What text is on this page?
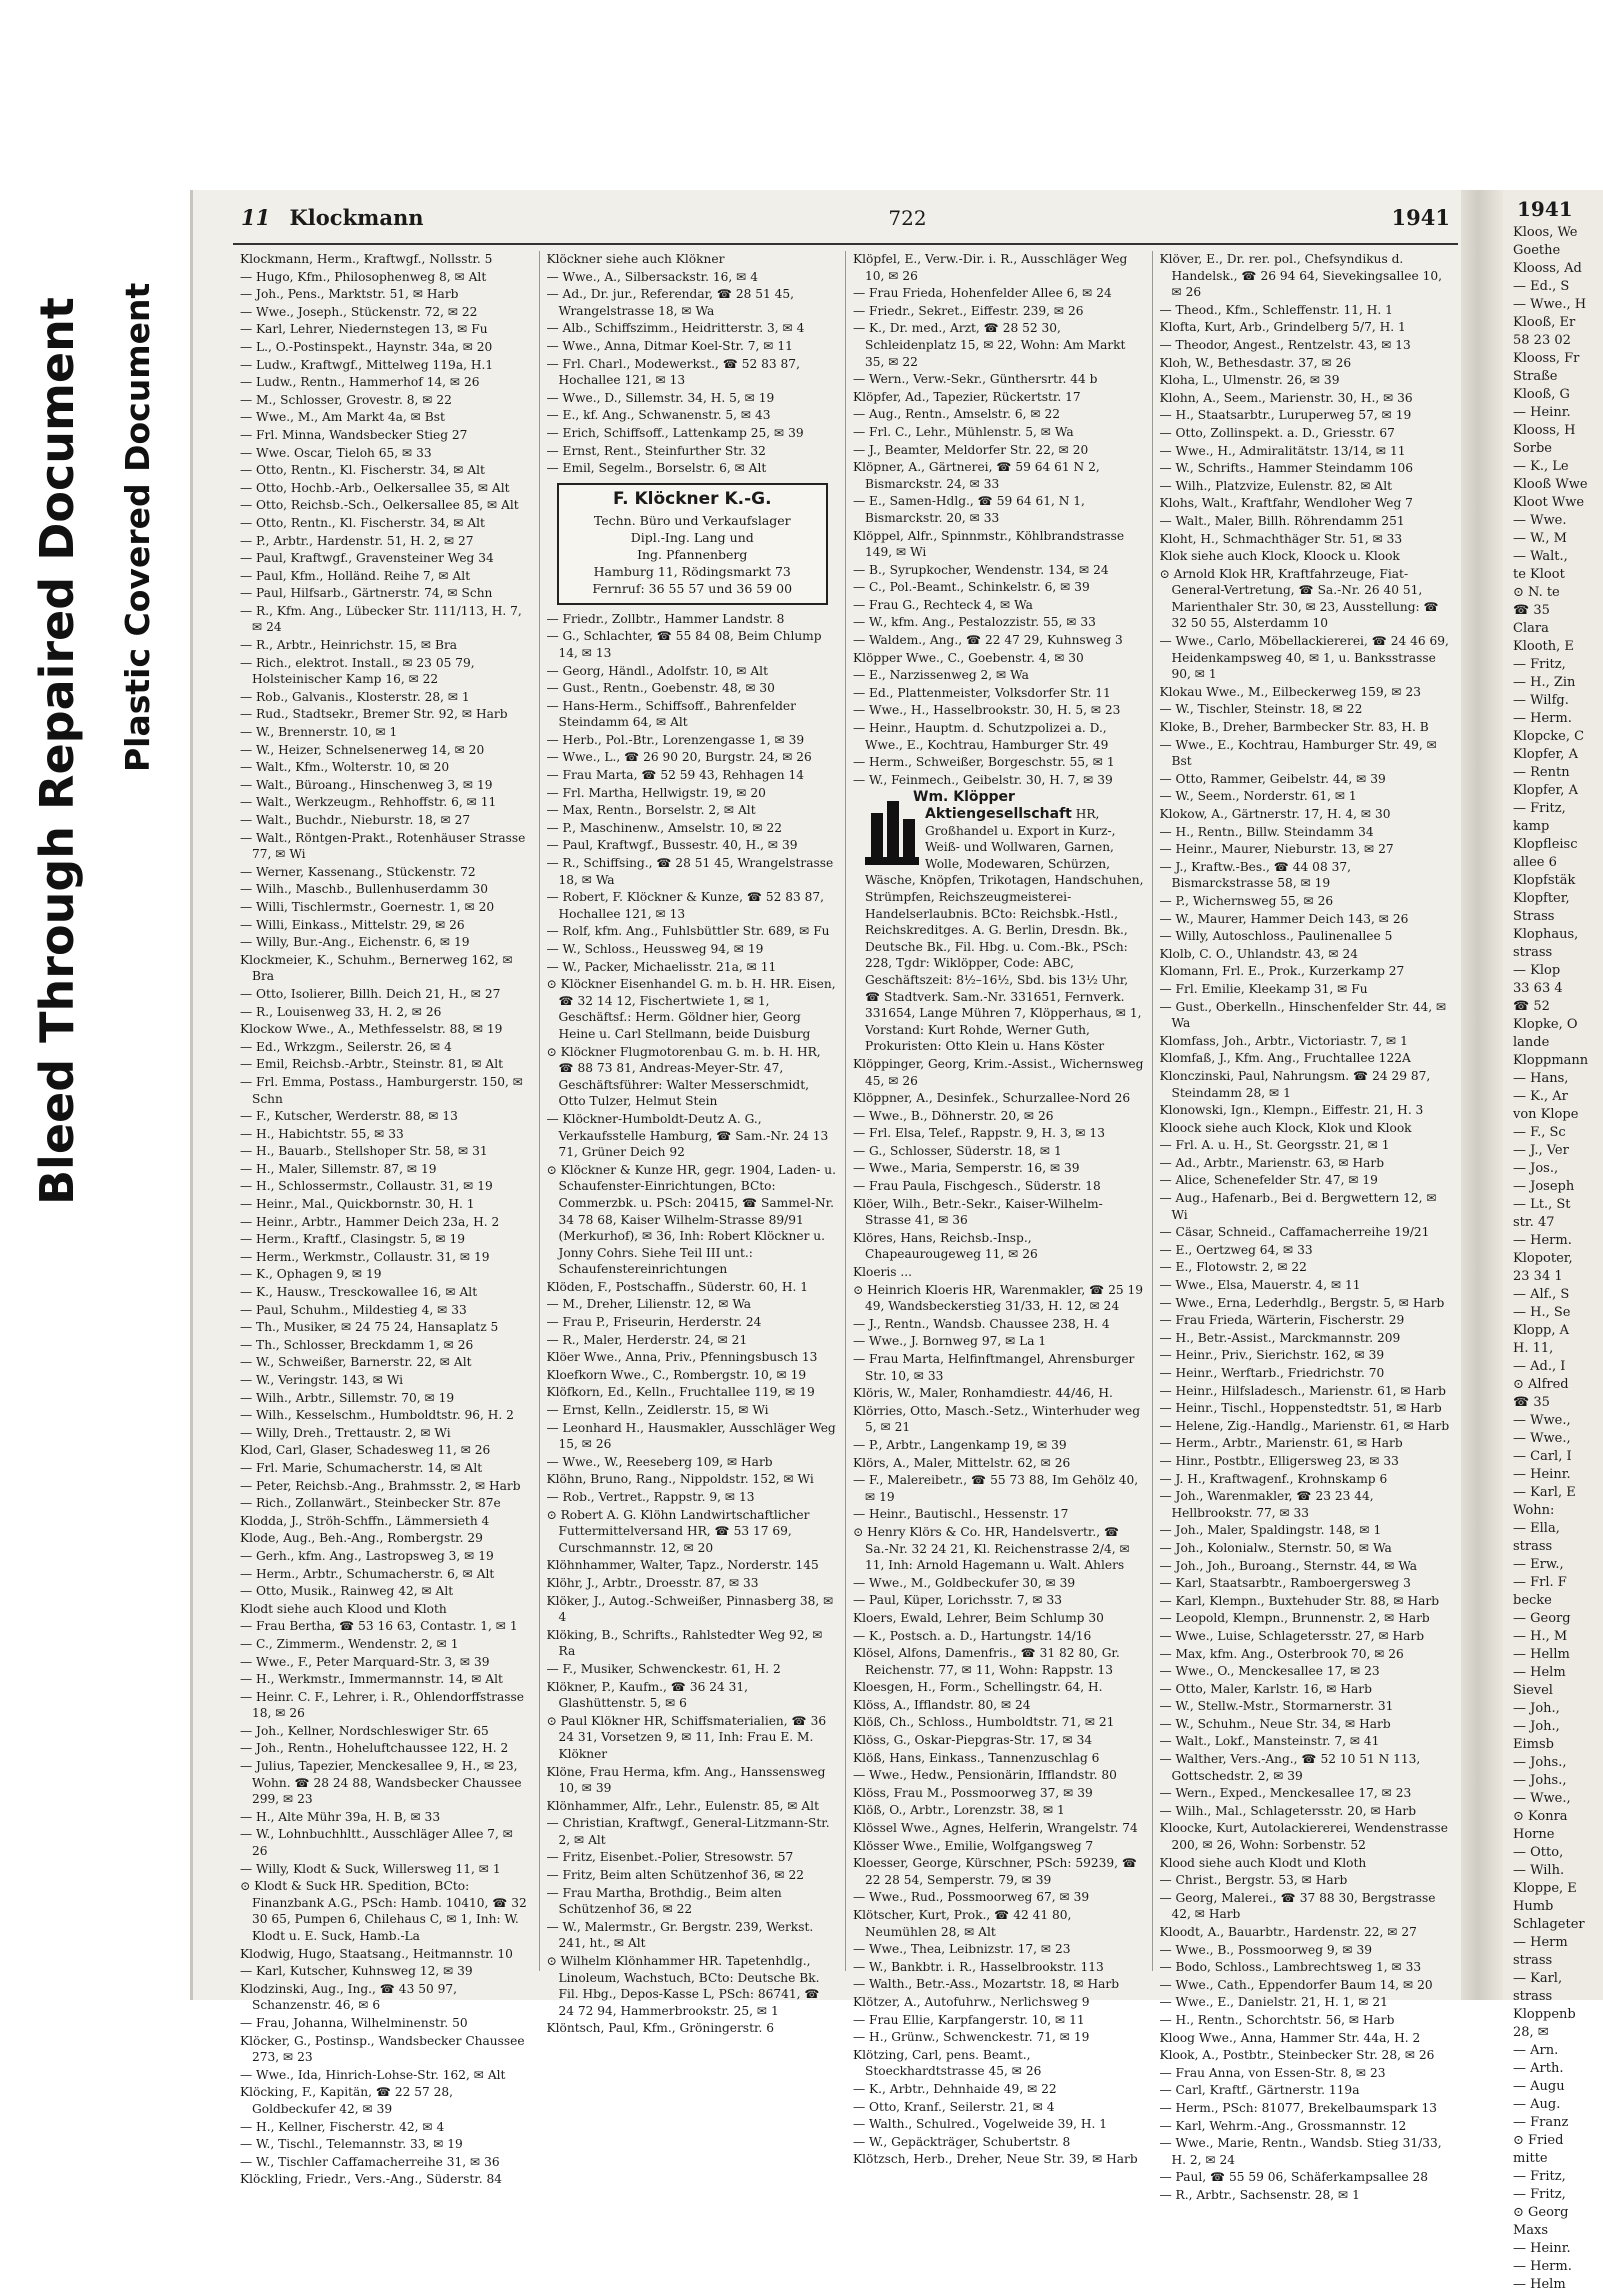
Bleed Through Repaired Document Plastic Covered Document
11 Klockmann	722	1941
Klockmann, Herm., Kraftwgf., Nollsstr. 5
— Hugo, Kfm., Philosophenweg 8, ✉ Alt
— Joh., Pens., Marktstr. 51, ✉ Harb
— Wwe., Joseph., Stückenstr. 72, ✉ 22
— Karl, Lehrer, Niedernstegen 13, ✉ Fu
— L., O.-Postinspekt., Haynstr. 34a, ✉ 20
— Ludw., Kraftwgf., Mittelweg 119a, H.1
— Ludw., Rentn., Hammerhof 14, ✉ 26
— M., Schlosser, Grovestr. 8, ✉ 22
— Wwe., M., Am Markt 4a, ✉ Bst
— Frl. Minna, Wandsbecker Stieg 27
— Wwe. Oscar, Tieloh 65, ✉ 33
— Otto, Rentn., Kl. Fischerstr. 34, ✉ Alt
— Otto, Hochb.-Arb., Oelkersallee 35, ✉ Alt
— Otto, Reichsb.-Sch., Oelkersallee 85, ✉ Alt
— Otto, Rentn., Kl. Fischerstr. 34, ✉ Alt
— P., Arbtr., Hardenstr. 51, H. 2, ✉ 27
— Paul, Kraftwgf., Gravensteiner Weg 34
— Paul, Kfm., Holländ. Reihe 7, ✉ Alt
— Paul, Hilfsarb., Gärtnerstr. 74, ✉ Schn
— R., Kfm. Ang., Lübecker Str. 111/113, H. 7, ✉ 24
— R., Arbtr., Heinrichstr. 15, ✉ Bra
— Rich., elektrot. Install., ✉ 23 05 79, Holsteinischer Kamp 16, ✉ 22
— Rob., Galvanis., Klosterstr. 28, ✉ 1
— Rud., Stadtsekr., Bremer Str. 92, ✉ Harb
— W., Brennerstr. 10, ✉ 1
— W., Heizer, Schnelsenerweg 14, ✉ 20
— Walt., Kfm., Wolterstr. 10, ✉ 20
— Walt., Büroang., Hinschenweg 3, ✉ 19
— Walt., Werkzeugm., Rehhoffstr. 6, ✉ 11
— Walt., Buchdr., Nieburstr. 18, ✉ 27
— Walt., Röntgen-Prakt., Rotenhäuser Strasse 77, ✉ Wi
— Werner, Kassenang., Stückenstr. 72
— Wilh., Maschb., Bullenhuserdamm 30
— Willi, Tischlermstr., Goernestr. 1, ✉ 20
— Willi, Einkass., Mittelstr. 29, ✉ 26
— Willy, Bur.-Ang., Eichenstr. 6, ✉ 19
Klockmeier, K., Schuhm., Bernerweg 162, ✉ Bra
— Otto, Isolierer, Billh. Deich 21, H., ✉ 27
— R., Louisenweg 33, H. 2, ✉ 26
Klockow Wwe., A., Methfesselstr. 88, ✉ 19
— Ed., Wrkzgm., Seilerstr. 26, ✉ 4
— Emil, Reichsb.-Arbtr., Steinstr. 81, ✉ Alt
— Frl. Emma, Postass., Hamburgerstr. 150, ✉ Schn
— F., Kutscher, Werderstr. 88, ✉ 13
— H., Habichtstr. 55, ✉ 33
— H., Bauarb., Stellshoper Str. 58, ✉ 31
— H., Maler, Sillemstr. 87, ✉ 19
— H., Schlossermstr., Collaustr. 31, ✉ 19
— Heinr., Mal., Quickbornstr. 30, H. 1
— Heinr., Arbtr., Hammer Deich 23a, H. 2
— Herm., Kraftf., Clasingstr. 5, ✉ 19
— Herm., Werkmstr., Collaustr. 31, ✉ 19
— K., Ophagen 9, ✉ 19
— K., Hausw., Tresckowallee 16, ✉ Alt
— Paul, Schuhm., Mildestieg 4, ✉ 33
— Th., Musiker, ✉ 24 75 24, Hansaplatz 5
— Th., Schlosser, Breckdamm 1, ✉ 26
— W., Schweißer, Barnerstr. 22, ✉ Alt
— W., Veringstr. 143, ✉ Wi
— Wilh., Arbtr., Sillemstr. 70, ✉ 19
— Wilh., Kesselschm., Humboldtstr. 96, H. 2
— Willy, Dreh., Trettaustr. 2, ✉ Wi
Klod, Carl, Glaser, Schadesweg 11, ✉ 26
— Frl. Marie, Schumacherstr. 14, ✉ Alt
— Peter, Reichsb.-Ang., Brahmsstr. 2, ✉ Harb
— Rich., Zollanwärt., Steinbecker Str. 87e
Klodda, J., Ströh-Schffn., Lämmersieth 4
Klode, Aug., Beh.-Ang., Rombergstr. 29
— Gerh., kfm. Ang., Lastropsweg 3, ✉ 19
— Herm., Arbtr., Schumacherstr. 6, ✉ Alt
— Otto, Musik., Rainweg 42, ✉ Alt
Klodt siehe auch Klood und Kloth
— Frau Bertha, ☎ 53 16 63, Contastr. 1, ✉ 1
— C., Zimmerm., Wendenstr. 2, ✉ 1
— Wwe., F., Peter Marquard-Str. 3, ✉ 39
— H., Werkmstr., Immermannstr. 14, ✉ Alt
— Heinr. C. F., Lehrer, i. R., Ohlendorffstrasse 18, ✉ 26
— Joh., Kellner, Nordschleswiger Str. 65
— Joh., Rentn., Hoheluftchaussee 122, H. 2
— Julius, Tapezier, Menckesallee 9, H., ✉ 23, Wohn. ☎ 28 24 88, Wandsbecker Chaussee 299, ✉ 23
— H., Alte Mühr 39a, H. B, ✉ 33
— W., Lohnbuchhltt., Ausschläger Allee 7, ✉ 26
— Willy, Klodt & Suck, Willersweg 11, ✉ 1
⊙ Klodt & Suck HR. Spedition, BCto: Finanzbank A.G., PSch: Hamb. 10410, ☎ 32 30 65, Pumpen 6, Chilehaus C, ✉ 1, Inh: W. Klodt u. E. Suck, Hamb.-La
Klodwig, Hugo, Staatsang., Heitmannstr. 10
— Karl, Kutscher, Kuhnsweg 12, ✉ 39
Klodzinski, Aug., Ing., ☎ 43 50 97, Schanzenstr. 46, ✉ 6
— Frau, Johanna, Wilhelminenstr. 50
Klöcker, G., Postinsp., Wandsbecker Chaussee 273, ✉ 23
— Wwe., Ida, Hinrich-Lohse-Str. 162, ✉ Alt
Klöcking, F., Kapitän, ☎ 22 57 28, Goldbeckufer 42, ✉ 39
— H., Kellner, Fischerstr. 42, ✉ 4
— W., Tischl., Telemannstr. 33, ✉ 19
— W., Tischler Caffamacherreihe 31, ✉ 36
Klöckling, Friedr., Vers.-Ang., Süderstr. 84
Klöckner siehe auch Klökner
— Wwe., A., Silbersackstr. 16, ✉ 4
— Ad., Dr. jur., Referendar, ☎ 28 51 45, Wrangelstrasse 18, ✉ Wa
— Alb., Schiffszimm., Heidritterstr. 3, ✉ 4
— Wwe., Anna, Ditmar Koel-Str. 7, ✉ 11
— Frl. Charl., Modewerkst., ☎ 52 83 87, Hochallee 121, ✉ 13
— Wwe., D., Sillemstr. 34, H. 5, ✉ 19
— E., kf. Ang., Schwanenstr. 5, ✉ 43
— Erich, Schiffsoff., Lattenkamp 25, ✉ 39
— Ernst, Rent., Steinfurther Str. 32
— Emil, Segelm., Borselstr. 6, ✉ Alt
F. Klöckner K.-G.
Techn. Büro und Verkaufslager
Dipl.-Ing. Lang und
Ing. Pfannenberg
Hamburg 11, Rödingsmarkt 73
Fernruf: 36 55 57 und 36 59 00
— Friedr., Zollbtr., Hammer Landstr. 8
— G., Schlachter, ☎ 55 84 08, Beim Chlump 14, ✉ 13
— Georg, Händl., Adolfstr. 10, ✉ Alt
— Gust., Rentn., Goebenstr. 48, ✉ 30
— Hans-Herm., Schiffsoff., Bahrenfelder Steindamm 64, ✉ Alt
— Herb., Pol.-Btr., Lorenzengasse 1, ✉ 39
— Wwe., L., ☎ 26 90 20, Burgstr. 24, ✉ 26
— Frau Marta, ☎ 52 59 43, Rehhagen 14
— Frl. Martha, Hellwigstr. 19, ✉ 20
— Max, Rentn., Borselstr. 2, ✉ Alt
— P., Maschinenw., Amselstr. 10, ✉ 22
— Paul, Kraftwgf., Bussestr. 40, H., ✉ 39
— R., Schiffsing., ☎ 28 51 45, Wrangelstrasse 18, ✉ Wa
— Robert, F. Klöckner & Kunze, ☎ 52 83 87, Hochallee 121, ✉ 13
— Rolf, kfm. Ang., Fuhlsbüttler Str. 689, ✉ Fu
— W., Schloss., Heussweg 94, ✉ 19
— W., Packer, Michaelisstr. 21a, ✉ 11
⊙ Klöckner Eisenhandel G. m. b. H. HR. Eisen, ☎ 32 14 12, Fischertwiete 1, ✉ 1, Geschäftsf.: Herm. Göldner hier, Georg Heine u. Carl Stellmann, beide Duisburg
⊙ Klöckner Flugmotorenbau G. m. b. H. HR, ☎ 88 73 81, Andreas-Meyer-Str. 47, Geschäftsführer: Walter Messerschmidt, Otto Tulzer, Helmut Stein
— Klöckner-Humboldt-Deutz A. G., Verkaufsstelle Hamburg, ☎ Sam.-Nr. 24 13 71, Grüner Deich 92
⊙ Klöckner & Kunze HR, gegr. 1904, Laden- u. Schaufenster-Einrichtungen, BCto: Commerzbk. u. PSch: 20415, ☎ Sammel-Nr. 34 78 68, Kaiser Wilhelm-Strasse 89/91 (Merkurhof), ✉ 36, Inh: Robert Klöckner u. Jonny Cohrs. Siehe Teil III unt.: Schaufenstereinrichtungen
Klöden, F., Postschaffn., Süderstr. 60, H. 1
— M., Dreher, Lilienstr. 12, ✉ Wa
— Frau P., Friseurin, Herderstr. 24
— R., Maler, Herderstr. 24, ✉ 21
Klöer Wwe., Anna, Priv., Pfenningsbusch 13
Kloefkorn Wwe., C., Rombergstr. 10, ✉ 19
Klöfkorn, Ed., Kelln., Fruchtallee 119, ✉ 19
— Ernst, Kelln., Zeidlerstr. 15, ✉ Wi
— Leonhard H., Hausmakler, Ausschläger Weg 15, ✉ 26
— Wwe., W., Reeseberg 109, ✉ Harb
Klöhn, Bruno, Rang., Nippoldstr. 152, ✉ Wi
— Rob., Vertret., Rappstr. 9, ✉ 13
⊙ Robert A. G. Klöhn Landwirtschaftlicher Futtermittelversand HR, ☎ 53 17 69, Curschmannstr. 12, ✉ 20
Klöhnhammer, Walter, Tapz., Norderstr. 145
Klöhr, J., Arbtr., Droesstr. 87, ✉ 33
Klöker, J., Autog.-Schweißer, Pinnasberg 38, ✉ 4
Klöking, B., Schrifts., Rahlstedter Weg 92, ✉ Ra
— F., Musiker, Schwenckestr. 61, H. 2
Klökner, P., Kaufm., ☎ 36 24 31, Glashüttenstr. 5, ✉ 6
⊙ Paul Klökner HR, Schiffsmaterialien, ☎ 36 24 31, Vorsetzen 9, ✉ 11, Inh: Frau E. M. Klökner
Klöne, Frau Herma, kfm. Ang., Hanssensweg 10, ✉ 39
Klönhammer, Alfr., Lehr., Eulenstr. 85, ✉ Alt
— Christian, Kraftwgf., General-Litzmann-Str. 2, ✉ Alt
— Fritz, Eisenbet.-Polier, Stresowstr. 57
— Fritz, Beim alten Schützenhof 36, ✉ 22
— Frau Martha, Brothdig., Beim alten Schützenhof 36, ✉ 22
— W., Malermstr., Gr. Bergstr. 239, Werkst. 241, ht., ✉ Alt
⊙ Wilhelm Klönhammer HR. Tapetenhdlg., Linoleum, Wachstuch, BCto: Deutsche Bk. Fil. Hbg., Depos-Kasse L, PSch: 86741, ☎ 24 72 94, Hammerbrookstr. 25, ✉ 1
Klöntsch, Paul, Kfm., Gröningerstr. 6
Klöpfel, E., Verw.-Dir. i. R., Ausschläger Weg 10, ✉ 26
— Frau Frieda, Hohenfelder Allee 6, ✉ 24
— Friedr., Sekret., Eiffestr. 239, ✉ 26
— K., Dr. med., Arzt, ☎ 28 52 30, Schleidenplatz 15, ✉ 22, Wohn: Am Markt 35, ✉ 22
— Wern., Verw.-Sekr., Günthersrtr. 44 b
Klöpfer, Ad., Tapezier, Rückertstr. 17
— Aug., Rentn., Amselstr. 6, ✉ 22
— Frl. C., Lehr., Mühlenstr. 5, ✉ Wa
— J., Beamter, Meldorfer Str. 22, ✉ 20
Klöpner, A., Gärtnerei, ☎ 59 64 61 N 2, Bismarckstr. 24, ✉ 33
— E., Samen-Hdlg., ☎ 59 64 61, N 1, Bismarckstr. 20, ✉ 33
Klöppel, Alfr., Spinnmstr., Köhlbrandstrasse 149, ✉ Wi
— B., Syrupkocher, Wendenstr. 134, ✉ 24
— C., Pol.-Beamt., Schinkelstr. 6, ✉ 39
— Frau G., Rechteck 4, ✉ Wa
— W., kfm. Ang., Pestalozzistr. 55, ✉ 33
— Waldem., Ang., ☎ 22 47 29, Kuhnsweg 3
Klöpper Wwe., C., Goebenstr. 4, ✉ 30
— E., Narzissenweg 2, ✉ Wa
— Ed., Plattenmeister, Volksdorfer Str. 11
— Wwe., H., Hasselbrookstr. 30, H. 5, ✉ 23
— Heinr., Hauptm. d. Schutzpolizei a. D., Wwe., E., Kochtrau, Hamburger Str. 49
— Herm., Schweißer, Borgeschstr. 55, ✉ 1
— W., Feinmech., Geibelstr. 30, H. 7, ✉ 39
Wm. Klöpper Aktiengesellschaft HR, Großhandel u. Export in Kurz-, Weiß- und Wollwaren, Garnen, Wolle, Modewaren, Schürzen, Wäsche, Knöpfen, Trikotagen, Handschuhen, Strümpfen, Reichszeugmeisterei-Handelserlaubnis. BCto: Reichsbk.-Hstl., Reichskreditges. A. G. Berlin, Dresdn. Bk., Deutsche Bk., Fil. Hbg. u. Com.-Bk., PSch: 228, Tgdr: Wiklöpper, Code: ABC, Geschäftszeit: 8½–16½, Sbd. bis 13½ Uhr, ☎ Stadtverk. Sam.-Nr. 331651, Fernverk. 331654, Lange Mühren 7, Klöpperhaus, ✉ 1, Vorstand: Kurt Rohde, Werner Guth, Prokuristen: Otto Klein u. Hans Köster
Klöppinger, Georg, Krim.-Assist., Wichernsweg 45, ✉ 26
Klöppner, A., Desinfek., Schurzallee-Nord 26
— Wwe., B., Döhnerstr. 20, ✉ 26
— Frl. Elsa, Telef., Rappstr. 9, H. 3, ✉ 13
— G., Schlosser, Süderstr. 18, ✉ 1
— Wwe., Maria, Semperstr. 16, ✉ 39
— Frau Paula, Fischgesch., Süderstr. 18
Klöer, Wilh., Betr.-Sekr., Kaiser-Wilhelm-Strasse 41, ✉ 36
Klöres, Hans, Reichsb.-Insp., Chapeaurougeweg 11, ✉ 26
Kloeris ...
⊙ Heinrich Kloeris HR, Warenmakler, ☎ 25 19 49, Wandsbeckerstieg 31/33, H. 12, ✉ 24
— J., Rentn., Wandsb. Chaussee 238, H. 4
— Wwe., J. Bornweg 97, ✉ La 1
— Frau Marta, Helfinftmangel, Ahrensburger Str. 10, ✉ 33
Klöris, W., Maler, Ronhamdiestr. 44/46, H.
Klörries, Otto, Masch.-Setz., Winterhuder weg 5, ✉ 21
— P., Arbtr., Langenkamp 19, ✉ 39
Klörs, A., Maler, Mittelstr. 62, ✉ 26
— F., Malereibetr., ☎ 55 73 88, Im Gehölz 40, ✉ 19
— Heinr., Bautischl., Hessenstr. 17
⊙ Henry Klörs & Co. HR, Handelsvertr., ☎ Sa.-Nr. 32 24 21, Kl. Reichenstrasse 2/4, ✉ 11, Inh: Arnold Hagemann u. Walt. Ahlers
— Wwe., M., Goldbeckufer 30, ✉ 39
— Paul, Küper, Lorichsstr. 7, ✉ 33
Kloers, Ewald, Lehrer, Beim Schlump 30
— K., Postsch. a. D., Hartungstr. 14/16
Klösel, Alfons, Damenfris., ☎ 31 82 80, Gr. Reichenstr. 77, ✉ 11, Wohn: Rappstr. 13
Kloesgen, H., Form., Schellingstr. 64, H.
Klöss, A., Ifflandstr. 80, ✉ 24
Klöß, Ch., Schloss., Humboldtstr. 71, ✉ 21
Klöss, G., Oskar-Piepgras-Str. 17, ✉ 34
Klöß, Hans, Einkass., Tannenzuschlag 6
— Wwe., Hedw., Pensionärin, Ifflandstr. 80
Klöss, Frau M., Possmoorweg 37, ✉ 39
Klöß, O., Arbtr., Lorenzstr. 38, ✉ 1
Klössel Wwe., Agnes, Helferin, Wrangelstr. 74
Klösser Wwe., Emilie, Wolfgangsweg 7
Kloesser, George, Kürschner, PSch: 59239, ☎ 22 28 54, Semperstr. 79, ✉ 39
— Wwe., Rud., Possmoorweg 67, ✉ 39
Klötscher, Kurt, Prok., ☎ 42 41 80, Neumühlen 28, ✉ Alt
— Wwe., Thea, Leibnizstr. 17, ✉ 23
— W., Bankbtr. i. R., Hasselbrookstr. 113
— Walth., Betr.-Ass., Mozartstr. 18, ✉ Harb
Klötzer, A., Autofuhrw., Nerlichsweg 9
— Frau Ellie, Karpfangerstr. 10, ✉ 11
— H., Grünw., Schwenckestr. 71, ✉ 19
Klötzing, Carl, pens. Beamt., Stoeckhardtstrasse 45, ✉ 26
— K., Arbtr., Dehnhaide 49, ✉ 22
— Otto, Kranf., Seilerstr. 21, ✉ 4
— Walth., Schulred., Vogelweide 39, H. 1
— W., Gepäckträger, Schubertstr. 8
Klötzsch, Herb., Dreher, Neue Str. 39, ✉ Harb
Klöver, E., Dr. rer. pol., Chefsyndikus d. Handelsk., ☎ 26 94 64, Sievekingsallee 10, ✉ 26
— Theod., Kfm., Schleffenstr. 11, H. 1
Klofta, Kurt, Arb., Grindelberg 5/7, H. 1
— Theodor, Angest., Rentzelstr. 43, ✉ 13
Kloh, W., Bethesdastr. 37, ✉ 26
Kloha, L., Ulmenstr. 26, ✉ 39
Klohn, A., Seem., Marienstr. 30, H., ✉ 36
— H., Staatsarbtr., Luruperweg 57, ✉ 19
— Otto, Zollinspekt. a. D., Griesstr. 67
— Wwe., H., Admiralitätstr. 13/14, ✉ 11
— W., Schrifts., Hammer Steindamm 106
— Wilh., Platzvize, Eulenstr. 82, ✉ Alt
Klohs, Walt., Kraftfahr, Wendloher Weg 7
— Walt., Maler, Billh. Röhrendamm 251
Kloht, H., Schmachthäger Str. 51, ✉ 33
Klok siehe auch Klock, Kloock u. Klook
⊙ Arnold Klok HR, Kraftfahrzeuge, Fiat-General-Vertretung, ☎ Sa.-Nr. 26 40 51, Marienthaler Str. 30, ✉ 23, Ausstellung: ☎ 32 50 55, Alsterdamm 10
— Wwe., Carlo, Möbellackiererei, ☎ 24 46 69, Heidenkampsweg 40, ✉ 1, u. Banksstrasse 90, ✉ 1
Klokau Wwe., M., Eilbeckerweg 159, ✉ 23
— W., Tischler, Steinstr. 18, ✉ 22
Kloke, B., Dreher, Barmbecker Str. 83, H. B
— Wwe., E., Kochtrau, Hamburger Str. 49, ✉ Bst
— Otto, Rammer, Geibelstr. 44, ✉ 39
— W., Seem., Norderstr. 61, ✉ 1
Klokow, A., Gärtnerstr. 17, H. 4, ✉ 30
— H., Rentn., Billw. Steindamm 34
— Heinr., Maurer, Nieburstr. 13, ✉ 27
— J., Kraftw.-Bes., ☎ 44 08 37, Bismarckstrasse 58, ✉ 19
— P., Wichernsweg 55, ✉ 26
— W., Maurer, Hammer Deich 143, ✉ 26
— Willy, Autoschloss., Paulinenallee 5
Klolb, C. O., Uhlandstr. 43, ✉ 24
Klomann, Frl. E., Prok., Kurzerkamp 27
— Frl. Emilie, Kleekamp 31, ✉ Fu
— Gust., Oberkelln., Hinschenfelder Str. 44, ✉ Wa
Klomfass, Joh., Arbtr., Victoriastr. 7, ✉ 1
Klomfaß, J., Kfm. Ang., Fruchtallee 122A
Klonczinski, Paul, Nahrungsm. ☎ 24 29 87, Steindamm 28, ✉ 1
Klonowski, Ign., Klempn., Eiffestr. 21, H. 3
Kloock siehe auch Klock, Klok und Klook
— Frl. A. u. H., St. Georgsstr. 21, ✉ 1
— Ad., Arbtr., Marienstr. 63, ✉ Harb
— Alice, Schenefelder Str. 47, ✉ 19
— Aug., Hafenarb., Bei d. Bergwettern 12, ✉ Wi
— Cäsar, Schneid., Caffamacherreihe 19/21
— E., Oertzweg 64, ✉ 33
— E., Flotowstr. 2, ✉ 22
— Wwe., Elsa, Mauerstr. 4, ✉ 11
— Wwe., Erna, Lederhdlg., Bergstr. 5, ✉ Harb
— Frau Frieda, Wärterin, Fischerstr. 29
— H., Betr.-Assist., Marckmannstr. 209
— Heinr., Priv., Sierichstr. 162, ✉ 39
— Heinr., Werftarb., Friedrichstr. 70
— Heinr., Hilfsladesch., Marienstr. 61, ✉ Harb
— Heinr., Tischl., Hoppenstedtstr. 51, ✉ Harb
— Helene, Zig.-Handlg., Marienstr. 61, ✉ Harb
— Herm., Arbtr., Marienstr. 61, ✉ Harb
— Hinr., Postbtr., Elligersweg 23, ✉ 33
— J. H., Kraftwagenf., Krohnskamp 6
— Joh., Warenmakler, ☎ 23 23 44, Hellbrookstr. 77, ✉ 33
— Joh., Maler, Spaldingstr. 148, ✉ 1
— Joh., Kolonialw., Sternstr. 50, ✉ Wa
— Joh., Joh., Buroang., Sternstr. 44, ✉ Wa
— Karl, Staatsarbtr., Ramboergersweg 3
— Karl, Klempn., Buxtehuder Str. 88, ✉ Harb
— Leopold, Klempn., Brunnenstr. 2, ✉ Harb
— Wwe., Luise, Schlagetersstr. 27, ✉ Harb
— Max, kfm. Ang., Osterbrook 70, ✉ 26
— Wwe., O., Menckesallee 17, ✉ 23
— Otto, Maler, Karlstr. 16, ✉ Harb
— W., Stellw.-Mstr., Stormarnerstr. 31
— W., Schuhm., Neue Str. 34, ✉ Harb
— Walt., Lokf., Mansteinstr. 7, ✉ 41
— Walther, Vers.-Ang., ☎ 52 10 51 N 113, Gottschedstr. 2, ✉ 39
— Wern., Exped., Menckesallee 17, ✉ 23
— Wilh., Mal., Schlagetersstr. 20, ✉ Harb
Kloocke, Kurt, Autolackiererei, Wendenstrasse 200, ✉ 26, Wohn: Sorbenstr. 52
Klood siehe auch Klodt und Kloth
— Christ., Bergstr. 53, ✉ Harb
— Georg, Malerei., ☎ 37 88 30, Bergstrasse 42, ✉ Harb
Kloodt, A., Bauarbtr., Hardenstr. 22, ✉ 27
— Wwe., B., Possmoorweg 9, ✉ 39
— Bodo, Schloss., Lambrechtsweg 1, ✉ 33
— Wwe., Cath., Eppendorfer Baum 14, ✉ 20
— Wwe., E., Danielstr. 21, H. 1, ✉ 21
— H., Rentn., Schorchtstr. 56, ✉ Harb
Kloog Wwe., Anna, Hammer Str. 44a, H. 2
Klook, A., Postbtr., Steinbecker Str. 28, ✉ 26
— Frau Anna, von Essen-Str. 8, ✉ 23
— Carl, Kraftf., Gärtnerstr. 119a
— Herm., PSch: 81077, Brekelbaumspark 13
— Karl, Wehrm.-Ang., Grossmannstr. 12
— Wwe., Marie, Rentn., Wandsb. Stieg 31/33, H. 2, ✉ 24
— Paul, ☎ 55 59 06, Schäferkampsallee 28
— R., Arbtr., Sachsenstr. 28, ✉ 1
1941
Kloos, We
Goethe
Klooss, Ad
— Ed., S
— Wwe., H
Klooß, Er
58 23 02
Klooss, Fr
Straße
Klooß, G
— Heinr.
Klooss, H
Sorbe
— K., Le
Klooß Wwe
Kloot Wwe
— Wwe.
— W., M
— Walt.,
te Kloot
⊙ N. te
☎ 35
Clara
Klooth, E
— Fritz,
— H., Zin
— Wilfg.
— Herm.
Klopcke, C
Klopfer, A
— Rentn
Klopfer, A
— Fritz,
kamp
Klopfleisc
allee 6
Klopfstäk
Klopfter,
Strass
Klophaus,
strass
— Klop
33 63 4
☎ 52
Klopke, O
lande
Kloppmann
— Hans,
— K., Ar
von Klope
— F., Sc
— J., Ver
— Jos.,
— Joseph
— Lt., St
str. 47
— Herm.
Klopoter,
23 34 1
— Alf., S
— H., Se
Klopp, A
H. 11,
— Ad., I
⊙ Alfred
☎ 35
— Wwe.,
— Wwe.,
— Carl, I
— Heinr.
— Karl, E
Wohn:
— Ella,
strass
— Erw.,
— Frl. F
becke
— Georg
— H., M
— Hellm
— Helm
Sievel
— Joh.,
— Joh.,
Eimsb
— Johs.,
— Johs.,
— Wwe.,
⊙ Konra
Horne
— Otto,
— Wilh.
Kloppe, E
Humb
Schlageter
— Herm
strass
— Karl,
strass
Kloppenb
28, ✉
— Arn.
— Arth.
— Augu
— Aug.
— Franz
⊙ Fried
mitte
— Fritz,
— Fritz,
⊙ Georg
Maxs
— Heinr.
— Herm.
— Helm
